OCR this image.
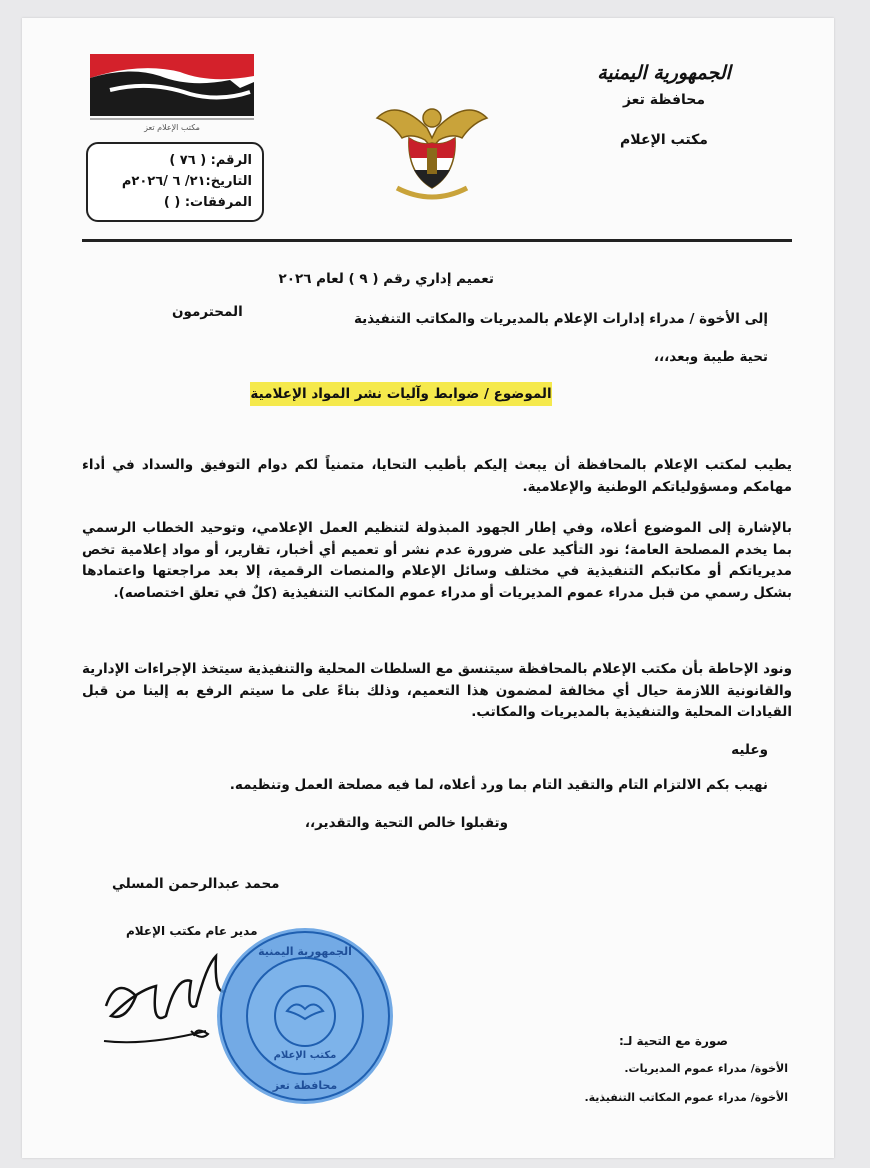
الجمهورية اليمنية
محافظة تعز
مكتب الإعلام
مكتب الإعلام تعز
الرقم: ( ٧٦ )
التاريخ:٢١/ ٦ /٢٠٢٦م
المرفقات: ( )
تعميم إداري رقم ( ٩ ) لعام ٢٠٢٦
إلى الأخوة / مدراء إدارات الإعلام بالمديريات والمكاتب التنفيذية
المحترمون
تحية طيبة وبعد،،،
الموضوع / ضوابط وآليات نشر المواد الإعلامية
يطيب لمكتب الإعلام بالمحافظة أن يبعث إليكم بأطيب التحايا، متمنياً لكم دوام التوفيق والسداد في أداء مهامكم ومسؤولياتكم الوطنية والإعلامية.
بالإشارة إلى الموضوع أعلاه، وفي إطار الجهود المبذولة لتنظيم العمل الإعلامي، وتوحيد الخطاب الرسمي بما يخدم المصلحة العامة؛ نود التأكيد على ضرورة عدم نشر أو تعميم أي أخبار، تقارير، أو مواد إعلامية تخص مديرياتكم أو مكاتبكم التنفيذية في مختلف وسائل الإعلام والمنصات الرقمية، إلا بعد مراجعتها واعتمادها بشكل رسمي من قبل مدراء عموم المديريات أو مدراء عموم المكاتب التنفيذية (كلٌ في تعلق اختصاصه).
ونود الإحاطة بأن مكتب الإعلام بالمحافظة سيتنسق مع السلطات المحلية والتنفيذية سيتخذ الإجراءات الإدارية والقانونية اللازمة حيال أي مخالفة لمضمون هذا التعميم، وذلك بناءً على ما سيتم الرفع به إلينا من قبل القيادات المحلية والتنفيذية بالمديريات والمكاتب.
وعليه
نهيب بكم الالتزام التام والتقيد التام بما ورد أعلاه، لما فيه مصلحة العمل وتنظيمه.
وتقبلوا خالص التحية والتقدير،،
محمد عبدالرحمن المسلي
مدير عام مكتب الإعلام
الجمهورية اليمنية
مكتب الإعلام
محافظة تعز
صورة مع التحية لـ:
الأخوة/ مدراء عموم المديريات.
الأخوة/ مدراء عموم المكاتب التنفيذية.
